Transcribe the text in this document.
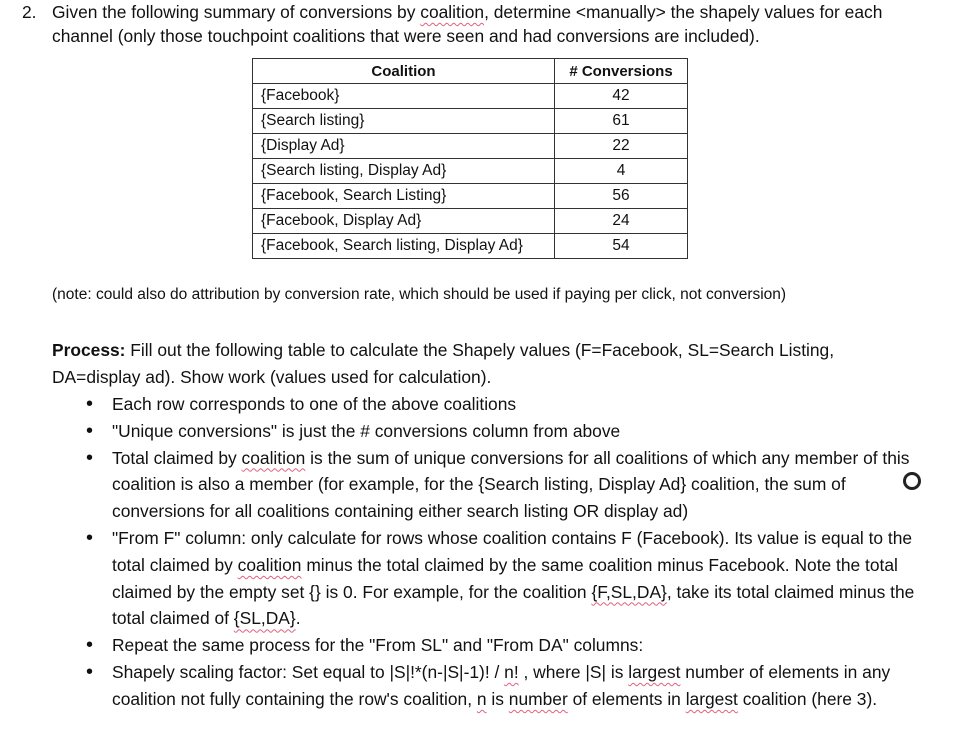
2. Given the following summary of conversions by coalition, determine <manually> the shapely values for each channel (only those touchpoint coalitions that were seen and had conversions are included).
Coalition	# Conversions
{Facebook}	42
{Search listing}	61
{Display Ad}	22
{Search listing, Display Ad}	4
{Facebook, Search Listing}	56
{Facebook, Display Ad}	24
{Facebook, Search listing, Display Ad}	54
(note: could also do attribution by conversion rate, which should be used if paying per click, not conversion)
Process: Fill out the following table to calculate the Shapely values (F=Facebook, SL=Search Listing, DA=display ad). Show work (values used for calculation).
• Each row corresponds to one of the above coalitions
• "Unique conversions" is just the # conversions column from above
• Total claimed by coalition is the sum of unique conversions for all coalitions of which any member of this coalition is also a member (for example, for the {Search listing, Display Ad} coalition, the sum of conversions for all coalitions containing either search listing OR display ad)
• "From F" column: only calculate for rows whose coalition contains F (Facebook). Its value is equal to the total claimed by coalition minus the total claimed by the same coalition minus Facebook. Note the total claimed by the empty set {} is 0. For example, for the coalition {F,SL,DA}, take its total claimed minus the total claimed of {SL,DA}.
• Repeat the same process for the "From SL" and "From DA" columns:
• Shapely scaling factor: Set equal to |S|!*(n-|S|-1)! / n! , where |S| is largest number of elements in any coalition not fully containing the row's coalition, n is number of elements in largest coalition (here 3).
